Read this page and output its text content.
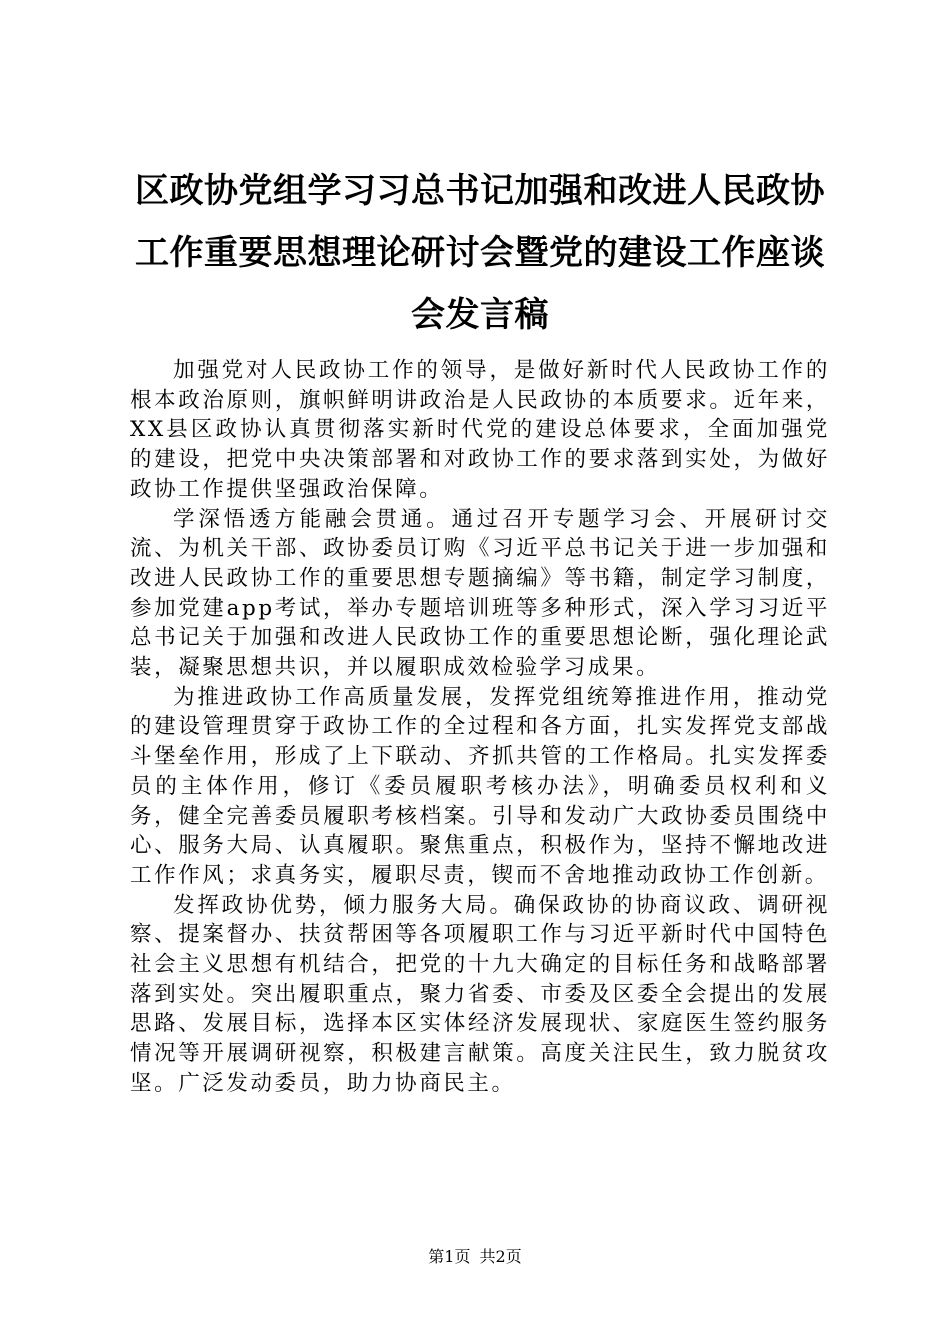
区政协党组学习习总书记加强和改进人民政协
工作重要思想理论研讨会暨党的建设工作座谈
会发言稿

加强党对人民政协工作的领导，是做好新时代人民政协工作的根本政治原则，旗帜鲜明讲政治是人民政协的本质要求。近年来，XX县区政协认真贯彻落实新时代党的建设总体要求，全面加强党的建设，把党中央决策部署和对政协工作的要求落到实处，为做好政协工作提供坚强政治保障。

学深悟透方能融会贯通。通过召开专题学习会、开展研讨交流、为机关干部、政协委员订购《习近平总书记关于进一步加强和改进人民政协工作的重要思想专题摘编》等书籍，制定学习制度，参加党建app考试，举办专题培训班等多种形式，深入学习习近平总书记关于加强和改进人民政协工作的重要思想论断，强化理论武装，凝聚思想共识，并以履职成效检验学习成果。

为推进政协工作高质量发展，发挥党组统筹推进作用，推动党的建设管理贯穿于政协工作的全过程和各方面，扎实发挥党支部战斗堡垒作用，形成了上下联动、齐抓共管的工作格局。扎实发挥委员的主体作用，修订《委员履职考核办法》，明确委员权利和义务，健全完善委员履职考核档案。引导和发动广大政协委员围绕中心、服务大局、认真履职。聚焦重点，积极作为，坚持不懈地改进工作作风；求真务实，履职尽责，锲而不舍地推动政协工作创新。

发挥政协优势，倾力服务大局。确保政协的协商议政、调研视察、提案督办、扶贫帮困等各项履职工作与习近平新时代中国特色社会主义思想有机结合，把党的十九大确定的目标任务和战略部署落到实处。突出履职重点，聚力省委、市委及区委全会提出的发展思路、发展目标，选择本区实体经济发展现状、家庭医生签约服务情况等开展调研视察，积极建言献策。高度关注民生，致力脱贫攻坚。广泛发动委员，助力协商民主。

第1页 共2页
